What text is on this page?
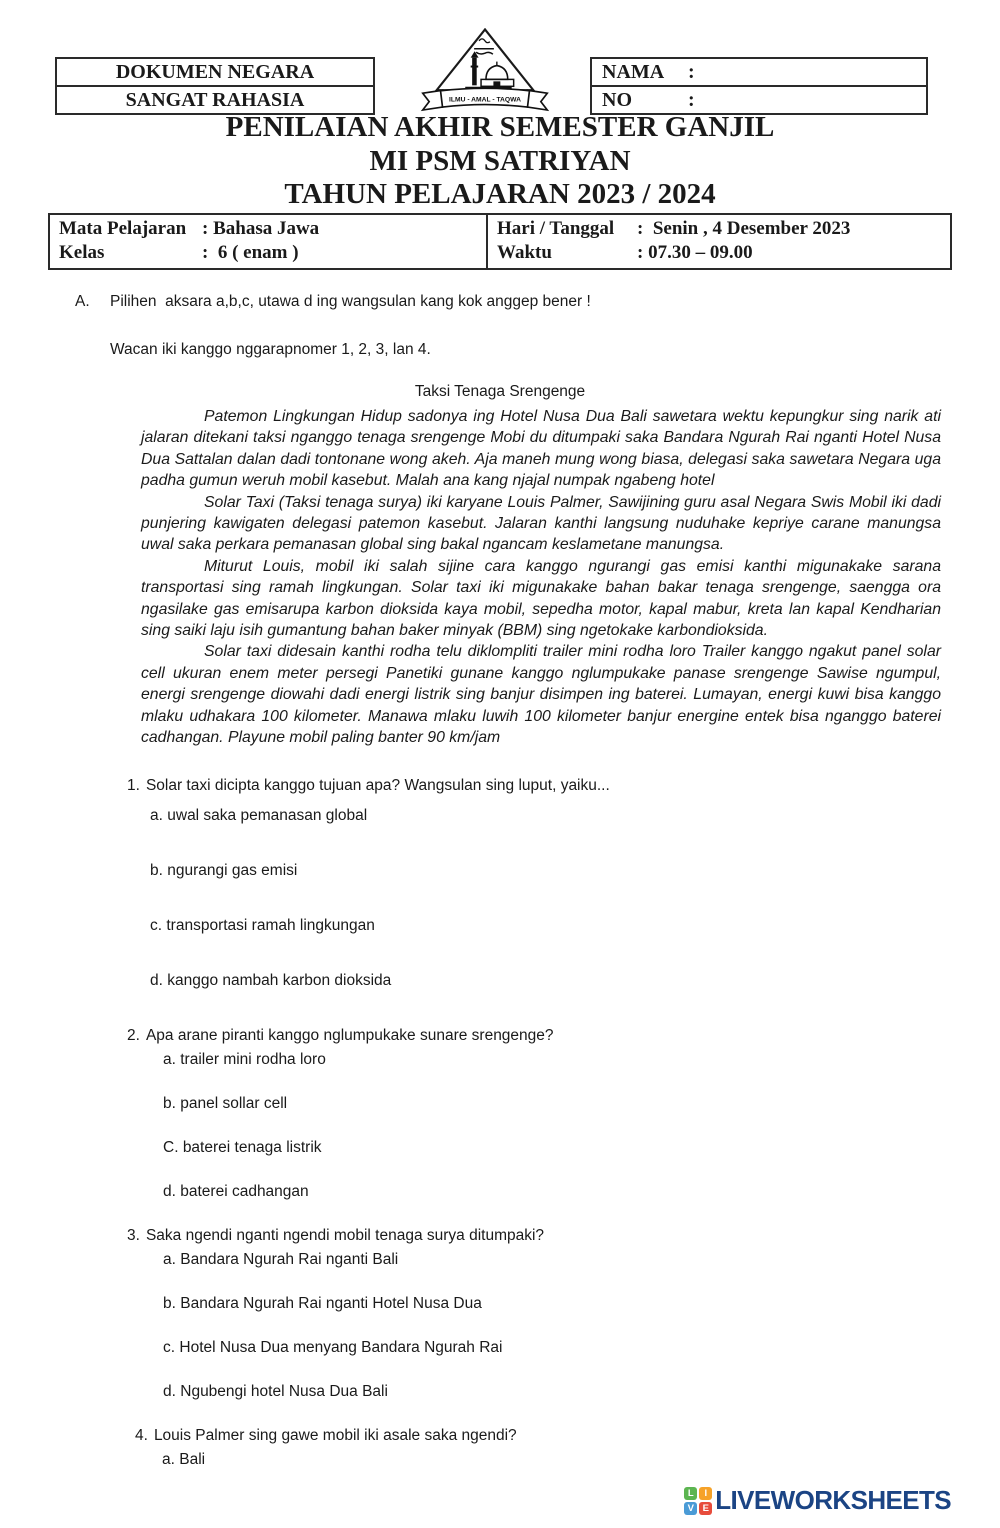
DOKUMEN NEGARA
SANGAT RAHASIA	ILMU - AMAL - TAQWA
NAMA	:
NO	:
PENILAIAN AKHIR SEMESTER GANJIL
MI PSM SATRIYAN
TAHUN PELAJARAN 2023 / 2024
Mata Pelajaran : Bahasa Jawa
Kelas	:  6 ( enam )
Hari / Tanggal	:  Senin , 4 Desember 2023
Waktu	: 07.30 – 09.00
A.	Pilihen  aksara a,b,c, utawa d ing wangsulan kang kok anggep bener !
Wacan iki kanggo nggarapnomer 1, 2, 3, lan 4.
Taksi Tenaga Srengenge

Patemon Lingkungan Hidup sadonya ing Hotel Nusa Dua Bali sawetara wektu kepungkur sing narik ati jalaran ditekani taksi nganggo tenaga srengenge Mobi du ditumpaki saka Bandara Ngurah Rai nganti Hotel Nusa Dua Sattalan dalan dadi tontonane wong akeh. Aja maneh mung wong biasa, delegasi saka sawetara Negara uga padha gumun weruh mobil kasebut. Malah ana kang njajal numpak ngabeng hotel

Solar Taxi (Taksi tenaga surya) iki karyane Louis Palmer, Sawijining guru asal Negara Swis Mobil iki dadi punjering kawigaten delegasi patemon kasebut. Jalaran kanthi langsung nuduhake kepriye carane manungsa uwal saka perkara pemanasan global sing bakal ngancam keslametane manungsa.

Miturut Louis, mobil iki salah sijine cara kanggo ngurangi gas emisi kanthi migunakake sarana transportasi sing ramah lingkungan. Solar taxi iki migunakake bahan bakar tenaga srengenge, saengga ora ngasilake gas emisarupa karbon dioksida kaya mobil, sepedha motor, kapal mabur, kreta lan kapal Kendharian sing saiki laju isih gumantung bahan baker minyak (BBM) sing ngetokake karbondioksida.

Solar taxi didesain kanthi rodha telu diklompliti trailer mini rodha loro Trailer kanggo ngakut panel solar cell ukuran enem meter persegi Panetiki gunane kanggo nglumpukake panase srengenge Sawise ngumpul, energi srengenge diowahi dadi energi listrik sing banjur disimpen ing baterei. Lumayan, energi kuwi bisa kanggo mlaku udhakara 100 kilometer. Manawa mlaku luwih 100 kilometer banjur energine entek bisa nganggo baterei cadhangan. Playune mobil paling banter 90 km/jam

1. Solar taxi dicipta kanggo tujuan apa? Wangsulan sing luput, yaiku...

a. uwal saka pemanasan global

b. ngurangi gas emisi

c. transportasi ramah lingkungan

d. kanggo nambah karbon dioksida

2. Apa arane piranti kanggo nglumpukake sunare srengenge?

a. trailer mini rodha loro

b. panel sollar cell

C. baterei tenaga listrik

d. baterei cadhangan

3. Saka ngendi nganti ngendi mobil tenaga surya ditumpaki?

a. Bandara Ngurah Rai nganti Bali

b. Bandara Ngurah Rai nganti Hotel Nusa Dua

c. Hotel Nusa Dua menyang Bandara Ngurah Rai

d. Ngubengi hotel Nusa Dua Bali

4. Louis Palmer sing gawe mobil iki asale saka ngendi?

a. Bali

L	I
V E LIVEWORKSHEETS
